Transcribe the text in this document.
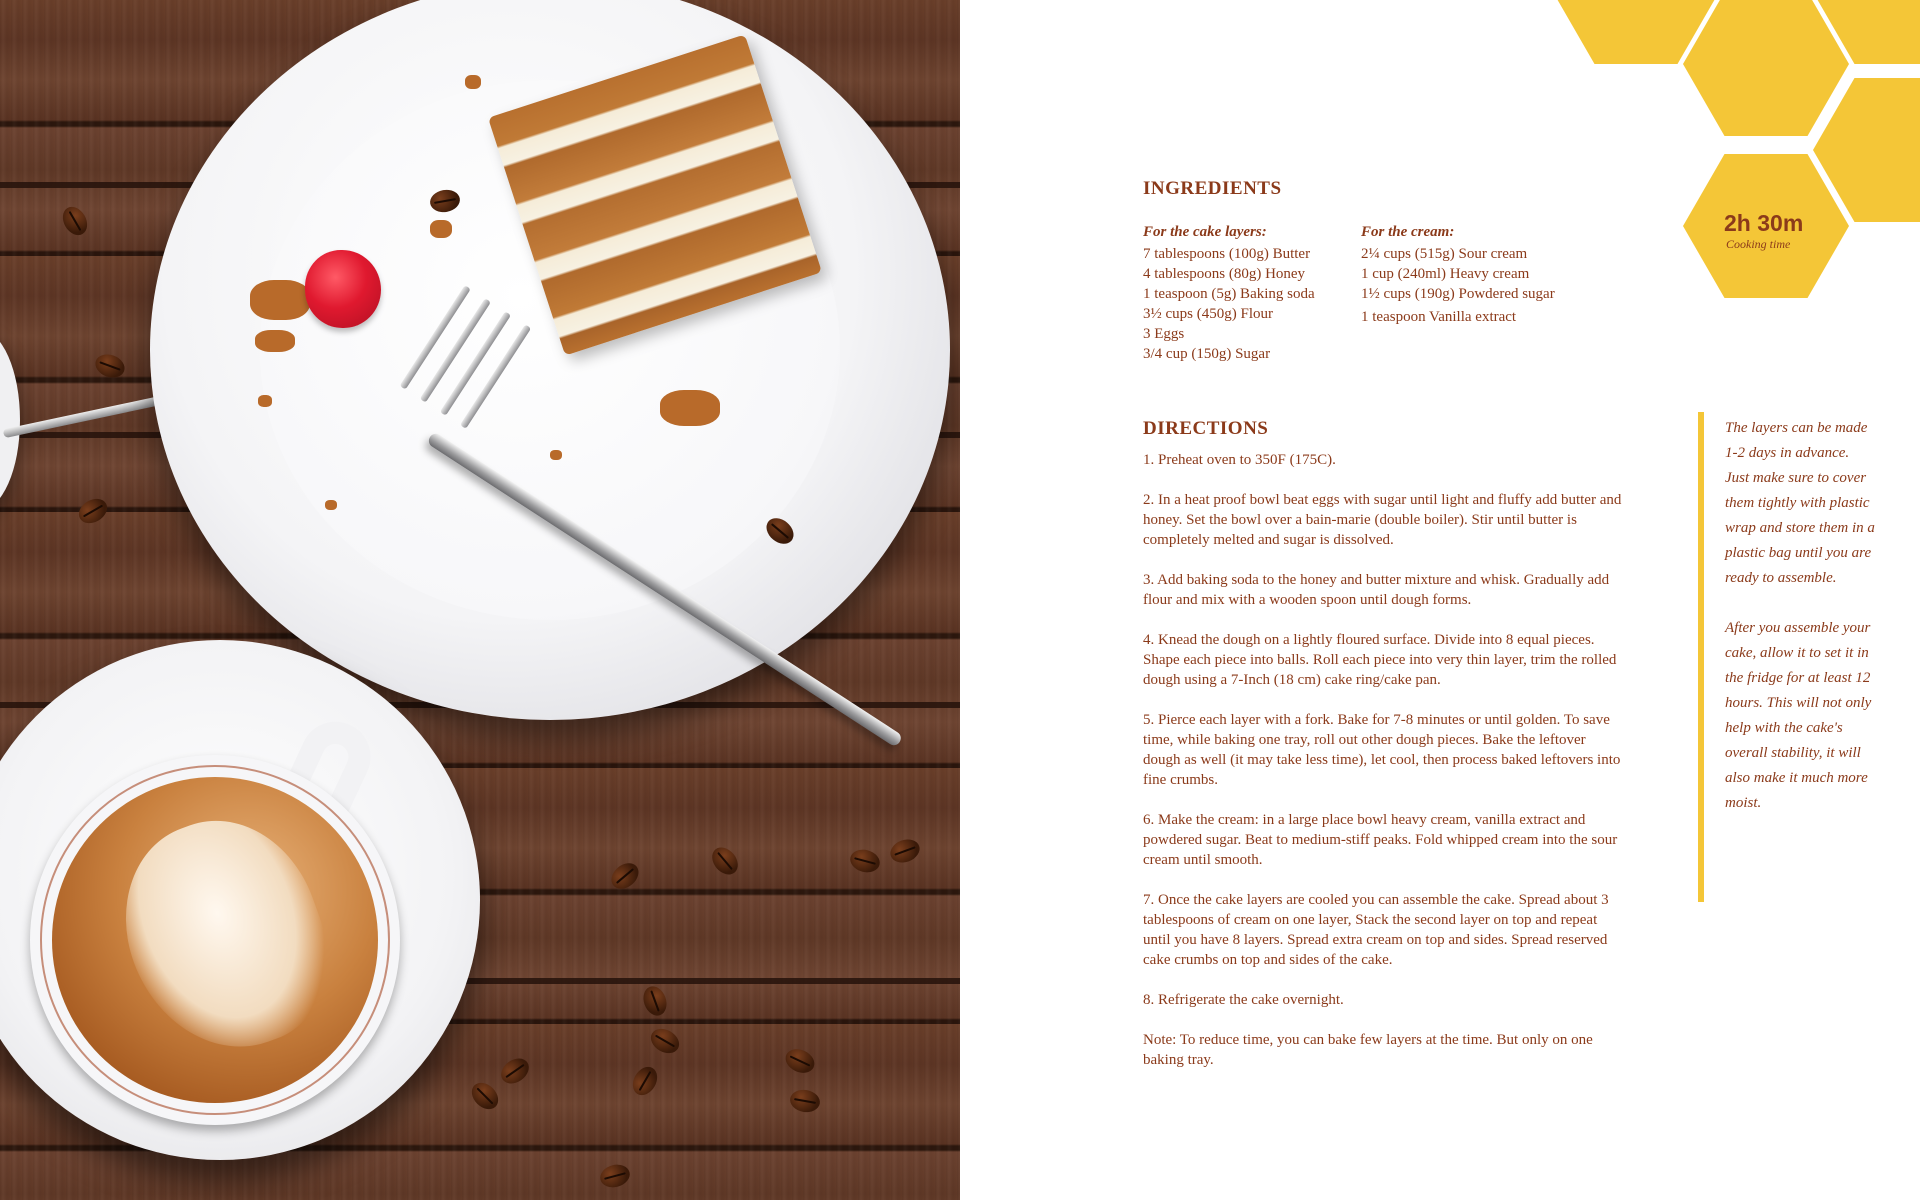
2h 30m
Cooking time
INGREDIENTS
For the cake layers:
7 tablespoons (100g) Butter
4 tablespoons (80g) Honey
1 teaspoon (5g) Baking soda
3½ cups (450g) Flour
3 Eggs
3/4 cup (150g) Sugar
For the cream:
2¼ cups (515g) Sour cream
1 cup (240ml) Heavy cream
1½ cups (190g) Powdered sugar
1 teaspoon Vanilla extract
DIRECTIONS

1. Preheat oven to 350F (175C).

2. In a heat proof bowl beat eggs with sugar until light and fluffy add butter and honey. Set the bowl over a bain-marie (double boiler). Stir until butter is completely melted and sugar is dissolved.

3. Add baking soda to the honey and butter mixture and whisk. Gradually add flour and mix with a wooden spoon until dough forms.

4. Knead the dough on a lightly floured surface. Divide into 8 equal pieces. Shape each piece into balls. Roll each piece into very thin layer, trim the rolled dough using a 7-Inch (18 cm) cake ring/cake pan.

5. Pierce each layer with a fork. Bake for 7-8 minutes or until golden. To save time, while baking one tray, roll out other dough pieces. Bake the leftover dough as well (it may take less time), let cool, then process baked leftovers into fine crumbs.

6. Make the cream: in a large place bowl heavy cream, vanilla extract and powdered sugar. Beat to medium-stiff peaks. Fold whipped cream into the sour cream until smooth.

7. Once the cake layers are cooled you can assemble the cake. Spread about 3 tablespoons of cream on one layer, Stack the second layer on top and repeat until you have 8 layers. Spread extra cream on top and sides. Spread reserved cake crumbs on top and sides of the cake.

8. Refrigerate the cake overnight.

Note: To reduce time, you can bake few layers at the time. But only on one baking tray.

The layers can be made 1-2 days in advance. Just make sure to cover them tightly with plastic wrap and store them in a plastic bag until you are ready to assemble.

After you assemble your cake, allow it to set it in the fridge for at least 12 hours. This will not only help with the cake's overall stability, it will also make it much more moist.
